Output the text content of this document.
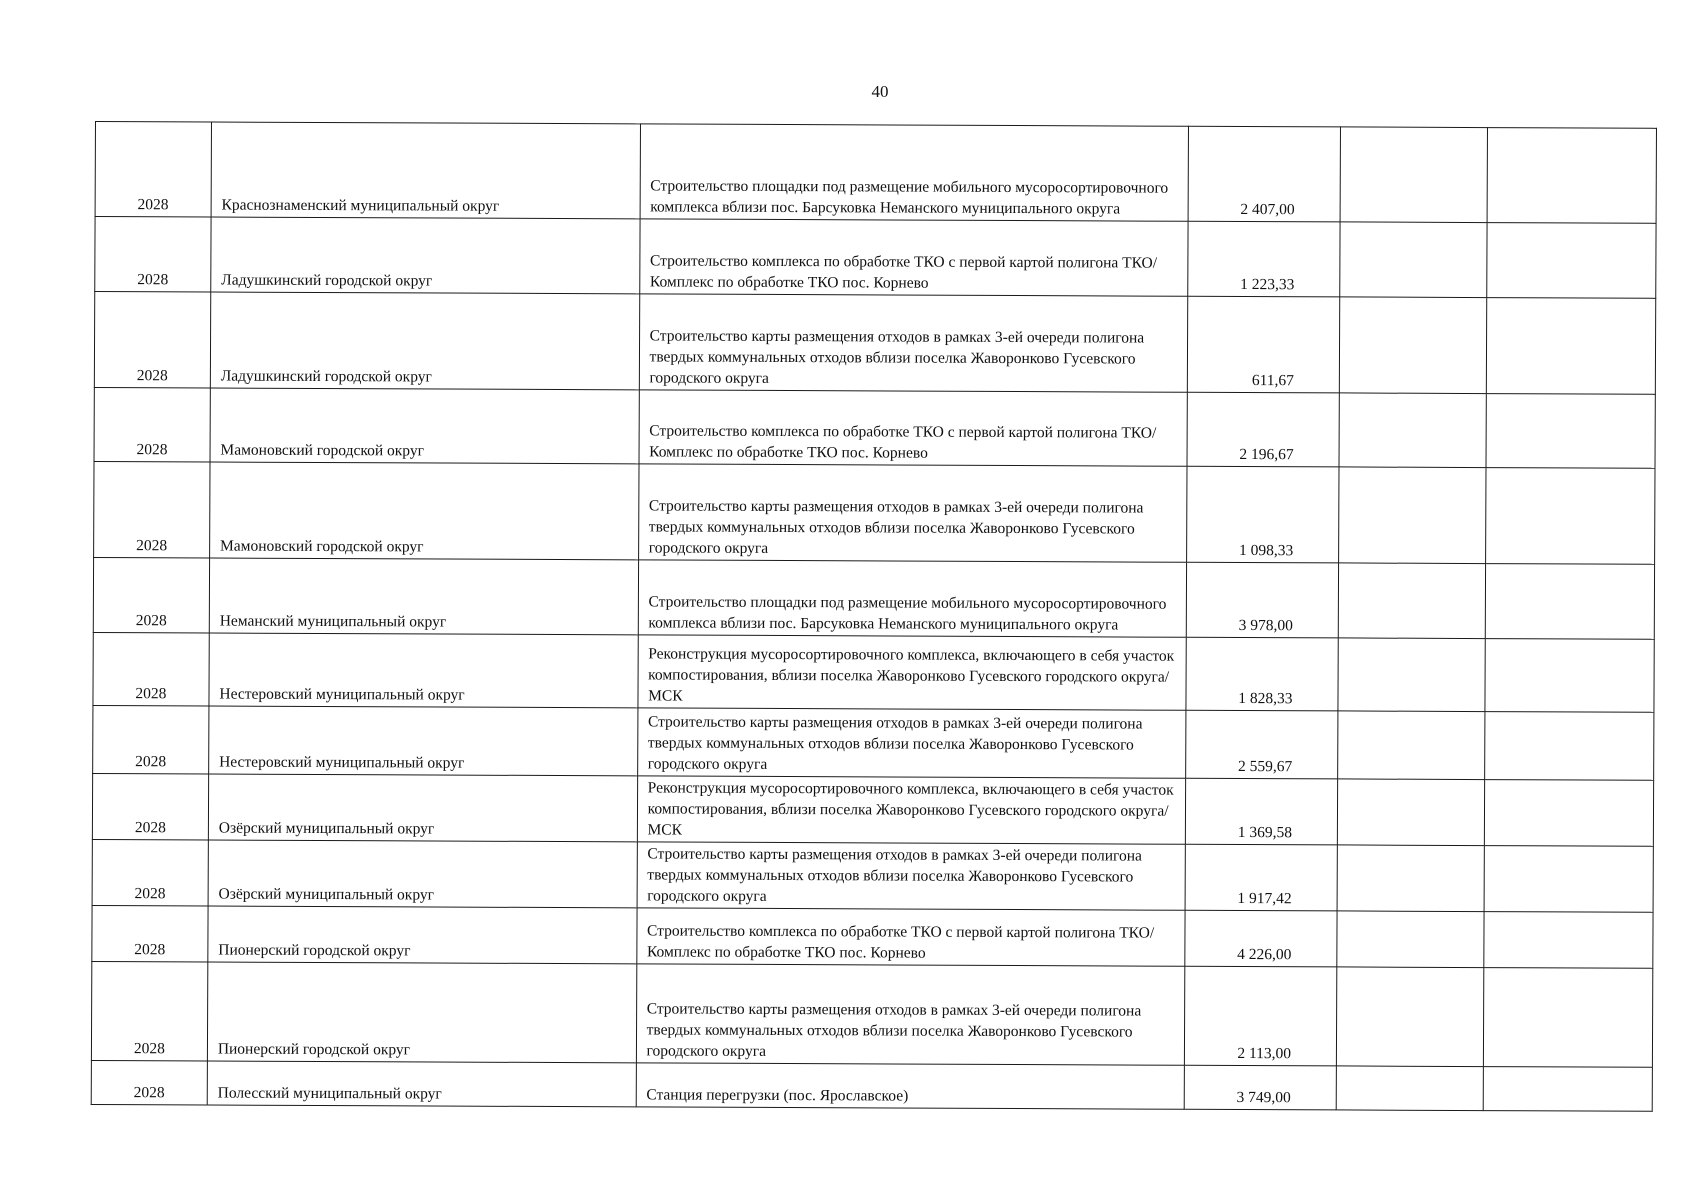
40
2028	Краснознаменский муниципальный округ	Строительство площадки под размещение мобильного мусоросортировочного комплекса вблизи пос. Барсуковка Неманского муниципального округа	2 407,00		
2028	Ладушкинский городской округ	Строительство комплекса по обработке ТКО с первой картой полигона ТКО/Комплекс по обработке ТКО пос. Корнево	1 223,33		
2028	Ладушкинский городской округ	Строительство карты размещения отходов в рамках 3-ей очереди полигона твердых коммунальных отходов вблизи поселка Жаворонково Гусевского городского округа	611,67		
2028	Мамоновский городской округ	Строительство комплекса по обработке ТКО с первой картой полигона ТКО/Комплекс по обработке ТКО пос. Корнево	2 196,67		
2028	Мамоновский городской округ	Строительство карты размещения отходов в рамках 3-ей очереди полигона твердых коммунальных отходов вблизи поселка Жаворонково Гусевского городского округа	1 098,33		
2028	Неманский муниципальный округ	Строительство площадки под размещение мобильного мусоросортировочного комплекса вблизи пос. Барсуковка Неманского муниципального округа	3 978,00		
2028	Нестеровский муниципальный округ	Реконструкция мусоросортировочного комплекса, включающего в себя участок компостирования, вблизи поселка Жаворонково Гусевского городского округа/МСК	1 828,33		
2028	Нестеровский муниципальный округ	Строительство карты размещения отходов в рамках 3-ей очереди полигона твердых коммунальных отходов вблизи поселка Жаворонково Гусевского городского округа	2 559,67		
2028	Озёрский муниципальный округ	Реконструкция мусоросортировочного комплекса, включающего в себя участок компостирования, вблизи поселка Жаворонково Гусевского городского округа/МСК	1 369,58		
2028	Озёрский муниципальный округ	Строительство карты размещения отходов в рамках 3-ей очереди полигона твердых коммунальных отходов вблизи поселка Жаворонково Гусевского городского округа	1 917,42		
2028	Пионерский городской округ	Строительство комплекса по обработке ТКО с первой картой полигона ТКО/Комплекс по обработке ТКО пос. Корнево	4 226,00		
2028	Пионерский городской округ	Строительство карты размещения отходов в рамках 3-ей очереди полигона твердых коммунальных отходов вблизи поселка Жаворонково Гусевского городского округа	2 113,00		
2028	Полесский муниципальный округ	Станция перегрузки (пос. Ярославское)	3 749,00		
